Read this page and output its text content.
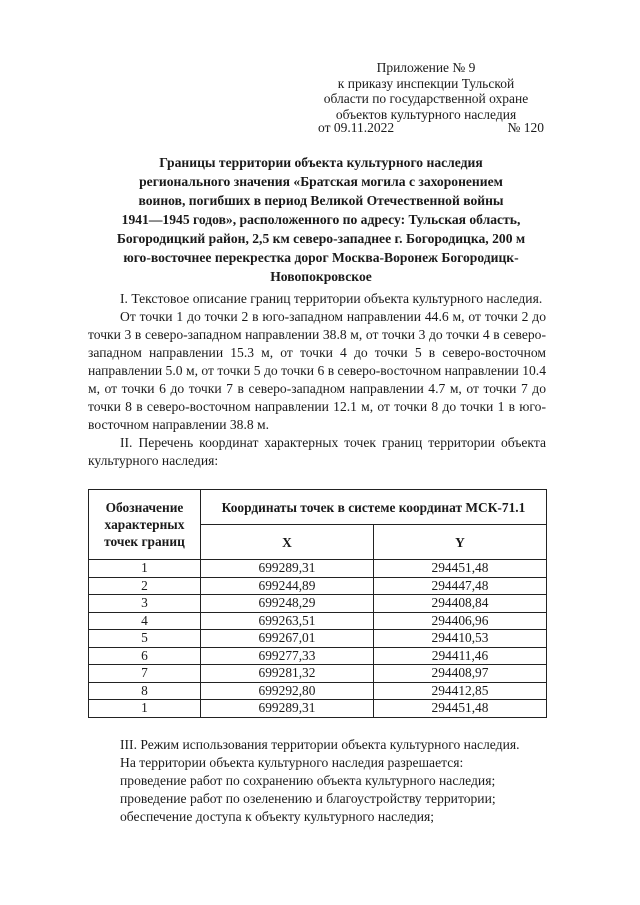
Приложение № 9
к приказу инспекции Тульской
области по государственной охране
объектов культурного наследия
от 09.11.2022	№ 120
Границы территории объекта культурного наследия
регионального значения «Братская могила с захоронением
воинов, погибших в период Великой Отечественной войны
1941—1945 годов», расположенного по адресу: Тульская область,
Богородицкий район, 2,5 км северо-западнее г. Богородицка, 200 м
юго-восточнее перекрестка дорог Москва-Воронеж Богородицк-
Новопокровское

I. Текстовое описание границ территории объекта культурного наследия.

От точки 1 до точки 2 в юго-западном направлении 44.6 м, от точки 2 до точки 3 в северо-западном направлении 38.8 м, от точки 3 до точки 4 в северо-западном направлении 15.3 м, от точки 4 до точки 5 в северо-восточном направлении 5.0 м, от точки 5 до точки 6 в северо-восточном направлении 10.4 м, от точки 6 до точки 7 в северо-западном направлении 4.7 м, от точки 7 до точки 8 в северо-восточном направлении 12.1 м, от точки 8 до точки 1 в юго-восточном направлении 38.8 м.

II. Перечень координат характерных точек границ территории объекта культурного наследия:

Обозначение характерных точек границ	Координаты точек в системе координат МСК-71.1	
	X	Y
1	699289,31	294451,48
2	699244,89	294447,48
3	699248,29	294408,84
4	699263,51	294406,96
5	699267,01	294410,53
6	699277,33	294411,46
7	699281,32	294408,97
8	699292,80	294412,85
1	699289,31	294451,48

III. Режим использования территории объекта культурного наследия.

На территории объекта культурного наследия разрешается:

проведение работ по сохранению объекта культурного наследия;

проведение работ по озеленению и благоустройству территории;

обеспечение доступа к объекту культурного наследия;
